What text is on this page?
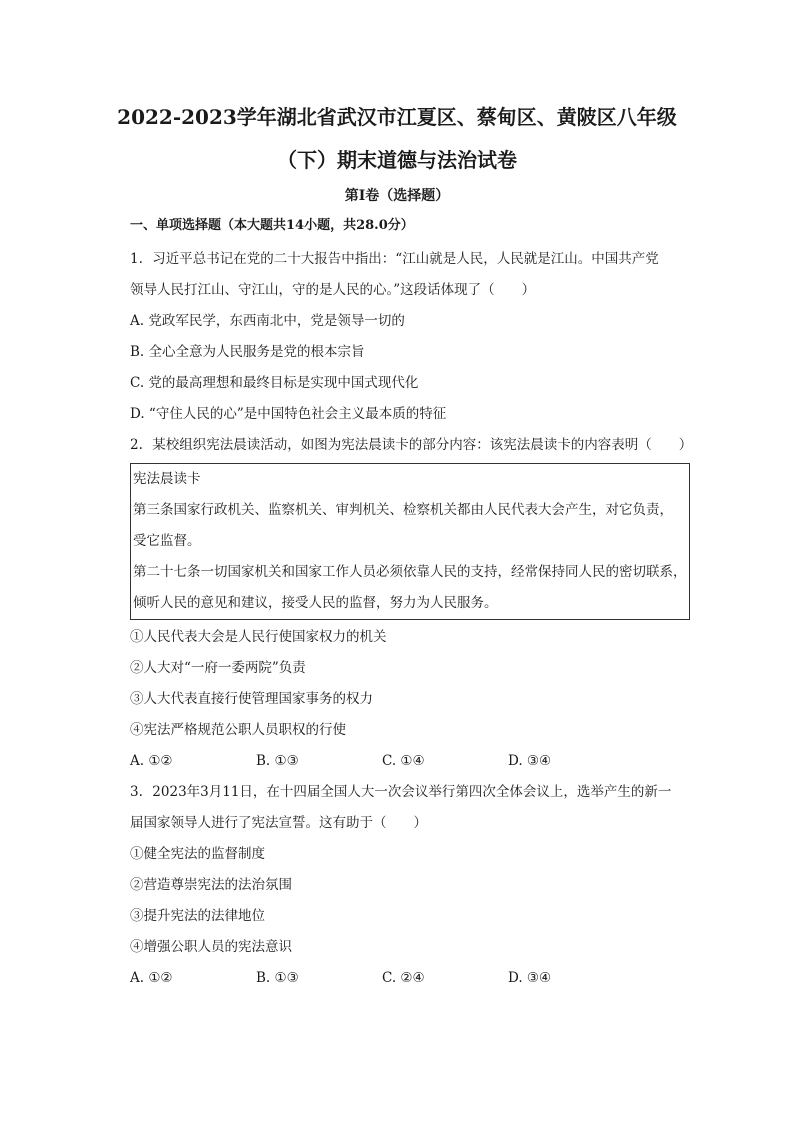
2022-2023学年湖北省武汉市江夏区、蔡甸区、黄陂区八年级
（下）期末道德与法治试卷
第Ⅰ卷（选择题）
一、单项选择题（本大题共14小题，共28.0分）
1. 习近平总书记在党的二十大报告中指出：“江山就是人民，人民就是江山。中国共产党
领导人民打江山、守江山，守的是人民的心。”这段话体现了（　　）
A. 党政军民学，东西南北中，党是领导一切的
B. 全心全意为人民服务是党的根本宗旨
C. 党的最高理想和最终目标是实现中国式现代化
D. “守住人民的心”是中国特色社会主义最本质的特征
2. 某校组织宪法晨读活动，如图为宪法晨读卡的部分内容：该宪法晨读卡的内容表明（　　）
宪法晨读卡
第三条国家行政机关、监察机关、审判机关、检察机关都由人民代表大会产生，对它负责，
受它监督。
第二十七条一切国家机关和国家工作人员必须依靠人民的支持，经常保持同人民的密切联系，
倾听人民的意见和建议，接受人民的监督，努力为人民服务。
①人民代表大会是人民行使国家权力的机关
②人大对“一府一委两院”负责
③人大代表直接行使管理国家事务的权力
④宪法严格规范公职人员职权的行使
A. ①②	B. ①③	C. ①④	D. ③④
3. 2023年3月11日，在十四届全国人大一次会议举行第四次全体会议上，选举产生的新一
届国家领导人进行了宪法宣誓。这有助于（　　）
①健全宪法的监督制度
②营造尊崇宪法的法治氛围
③提升宪法的法律地位
④增强公职人员的宪法意识
A. ①②	B. ①③	C. ②④	D. ③④
